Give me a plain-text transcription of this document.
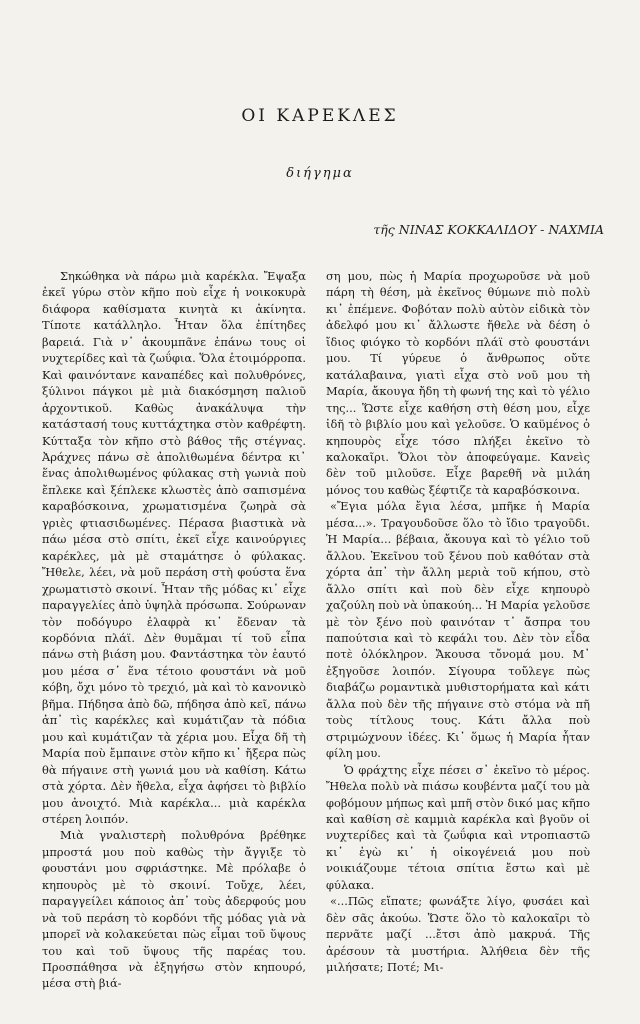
ΟΙ ΚΑΡΕΚΛΕΣ
διήγημα
τῆς ΝΙΝΑΣ ΚΟΚΚΑΛΙΔΟΥ - ΝΑΧΜΙΑ

Σηκώθηκα νὰ πάρω μιὰ καρέκλα. Ἔψαξα ἐκεῖ γύρω στὸν κῆπο ποὺ εἶχε ἡ νοικοκυρὰ διάφορα καθίσματα κινητὰ κι ἀκίνητα. Τίποτε κατάλληλο. Ἦταν ὅλα ἐπίτηδες βαρειά. Γιὰ ν᾽ ἀκουμπᾶνε ἐπάνω τους οἱ νυχτερίδες καὶ τὰ ζωΰφια. Ὅλα ἑτοιμόρροπα. Καὶ φαινόντανε καναπέδες καὶ πολυθρόνες, ξύλινοι πάγκοι μὲ μιὰ διακόσμηση παλιοῦ ἀρχοντικοῦ. Καθὼς ἀνακάλυψα τὴν κατάστασή τους κυττάχτηκα στὸν καθρέφτη. Κύτταξα τὸν κῆπο στὸ βάθος τῆς στέγνας. Ἀράχνες πάνω σὲ ἀπολιθωμένα δέντρα κι᾽ ἕνας ἀπολιθωμένος φύλακας στὴ γωνιὰ ποὺ ἔπλεκε καὶ ξέπλεκε κλωστὲς ἀπὸ σαπισμένα καραβόσκοινα, χρωματισμένα ζωηρὰ σὰ γριὲς φτιασιδωμένες. Πέρασα βιαστικὰ νὰ πάω μέσα στὸ σπίτι, ἐκεῖ εἶχε καινούργιες καρέκλες, μὰ μὲ σταμάτησε ὁ φύλακας. Ἤθελε, λέει, νὰ μοῦ περάση στὴ φούστα ἕνα χρωματιστὸ σκοινί. Ἦταν τῆς μόδας κι᾽ εἶχε παραγγελίες ἀπὸ ὑψηλὰ πρόσωπα. Σούρωναν τὸν ποδόγυρο ἐλαφρὰ κι᾽ ἔδεναν τὰ κορδόνια πλάϊ. Δὲν θυμᾶμαι τί τοῦ εἶπα πάνω στὴ βιάση μου. Φαντάστηκα τὸν ἑαυτό μου μέσα σ᾽ ἕνα τέτοιο φουστάνι νὰ μοῦ κόβη, ὄχι μόνο τὸ τρεχιό, μὰ καὶ τὸ κανονικὸ βῆμα. Πήδησα ἀπὸ δῶ, πήδησα ἀπὸ κεῖ, πάνω ἀπ᾽ τὶς καρέκλες καὶ κυμάτιζαν τὰ πόδια μου καὶ κυμάτιζαν τὰ χέρια μου. Εἶχα δῆ τὴ Μαρία ποὺ ἔμπαινε στὸν κῆπο κι᾽ ἤξερα πὼς θὰ πήγαινε στὴ γωνιά μου νὰ καθίση. Κάτω στὰ χόρτα. Δὲν ἤθελα, εἶχα ἀφήσει τὸ βιβλίο μου ἀνοιχτό. Μιὰ καρέκλα... μιὰ καρέκλα στέρεη λοιπόν.

Μιὰ γναλιστερὴ πολυθρόνα βρέθηκε μπροστά μου ποὺ καθὼς τὴν ἄγγιξε τὸ φουστάνι μου σφριάστηκε. Μὲ πρόλαβε ὁ κηπουρὸς μὲ τὸ σκοινί. Τοὔχε, λέει, παραγγείλει κάποιος ἀπ᾽ τοὺς ἀδερφούς μου νὰ τοῦ περάση τὸ κορδόνι τῆς μόδας γιὰ νὰ μπορεῖ νὰ κολακεύεται πὼς εἶμαι τοῦ ὕψους του καὶ τοῦ ὕψους τῆς παρέας του. Προσπάθησα νὰ ἐξηγήσω στὸν κηπουρό, μέσα στὴ βιά-

ση μου, πὼς ἡ Μαρία προχωροῦσε νὰ μοῦ πάρη τὴ θέση, μὰ ἐκεῖνος θύμωνε πιὸ πολὺ κι᾽ ἐπέμενε. Φοβόταν πολὺ αὐτὸν εἰδικὰ τὸν ἀδελφό μου κι᾽ ἄλλωστε ἤθελε νὰ δέση ὁ ἴδιος φιόγκο τὸ κορδόνι πλάϊ στὸ φουστάνι μου. Τί γύρευε ὁ ἄνθρωπος οὔτε κατάλαβαινα, γιατὶ εἶχα στὸ νοῦ μου τὴ Μαρία, ἄκουγα ἤδη τὴ φωνή της καὶ τὸ γέλιο της... Ὥστε εἶχε καθήση στὴ θέση μου, εἶχε ἰδῆ τὸ βιβλίο μου καὶ γελοῦσε. Ὁ καϋμένος ὁ κηπουρὸς εἶχε τόσο πλήξει ἐκεῖνο τὸ καλοκαῖρι. Ὅλοι τὸν ἀποφεύγαμε. Κανεὶς δὲν τοῦ μιλοῦσε. Εἶχε βαρεθῆ νὰ μιλάη μόνος του καθὼς ξέφτιζε τὰ καραβόσκοινα.

«Ἔγια μόλα ἔγια λέσα, μπῆκε ἡ Μαρία μέσα...». Τραγουδοῦσε ὅλο τὸ ἴδιο τραγοῦδι. Ἡ Μαρία... βέβαια, ἄκουγα καὶ τὸ γέλιο τοῦ ἄλλου. Ἐκεῖνου τοῦ ξένου ποὺ καθόταν στὰ χόρτα ἀπ᾽ τὴν ἄλλη μεριὰ τοῦ κήπου, στὸ ἄλλο σπίτι καὶ ποὺ δὲν εἶχε κηπουρὸ χαζούλη ποὺ νὰ ὑπακούη... Ἡ Μαρία γελοῦσε μὲ τὸν ξένο ποὺ φαινόταν τ᾽ ἄσπρα του παπούτσια καὶ τὸ κεφάλι του. Δὲν τὸν εἶδα ποτὲ ὁλόκληρον. Ἄκουσα τὄνομά μου. Μ᾽ ἐξηγοῦσε λοιπόν. Σίγουρα τοὔλεγε πὼς διαβάζω ρομαντικὰ μυθιστορήματα καὶ κάτι ἄλλα ποὺ δὲν τῆς πήγαινε στὸ στόμα νὰ πῆ τοὺς τίτλους τους. Κάτι ἄλλα ποὺ στριμώχνουν ἰδέες. Κι᾽ ὅμως ἡ Μαρία ἦταν φίλη μου.

Ὁ φράχτης εἶχε πέσει σ᾽ ἐκεῖνο τὸ μέρος. Ἤθελα πολὺ νὰ πιάσω κουβέντα μαζί του μὰ φοβόμουν μήπως καὶ μπῆ στὸν δικό μας κῆπο καὶ καθίση σὲ καμμιὰ καρέκλα καὶ βγοῦν οἱ νυχτερίδες καὶ τὰ ζωΰφια καὶ ντροπιαστῶ κι᾽ ἐγὼ κι᾽ ἡ οἰκογένειά μου ποὺ νοικιάζουμε τέτοια σπίτια ἔστω καὶ μὲ φύλακα.

«...Πῶς εἴπατε; φωνάξτε λίγο, φυσάει καὶ δὲν σᾶς ἀκούω. Ὥστε ὅλο τὸ καλοκαῖρι τὸ περνᾶτε μαζί ...ἔτσι ἀπὸ μακρυά. Τῆς ἀρέσουν τὰ μυστήρια. Ἀλήθεια δὲν τῆς μιλήσατε; Ποτέ; Μι-
